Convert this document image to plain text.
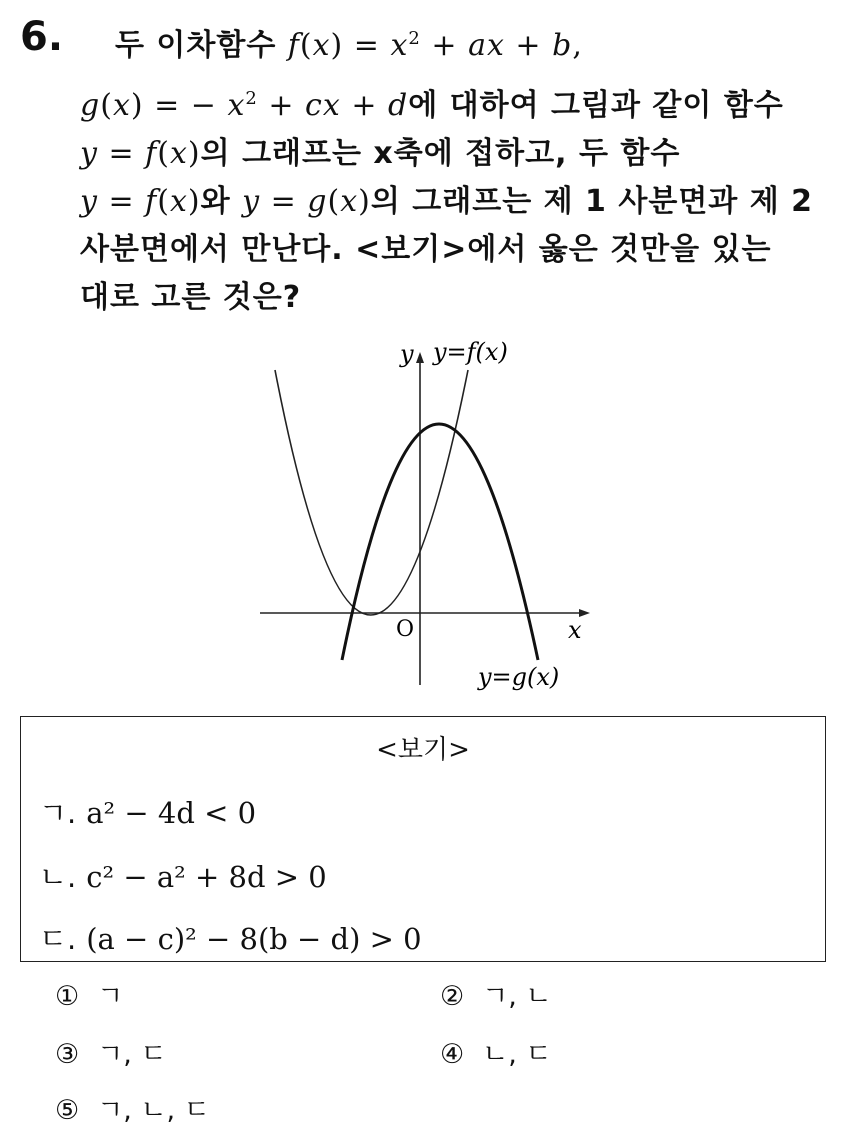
6. 두 이차함수 $f(x) = x^2$ + ax + b,
g(x) = − $x^2$ + cx + d에 대하여 그림과 같이 함수
y = f(x)의 그래프는 x축에 접하고, 두 함수
y = f(x)와 y = g(x)의 그래프는 제 1 사분면과 제 2
사분면에서 만난다. <보기>에서 옳은 것만을 있는
대로 고른 것은?
y y=f(x)
x
O
y=g(x)
<보기>
ㄱ. a² − 4d < 0
ㄴ. c² − a² + 8d > 0
ㄷ. (a − c)² − 8(b − d) > 0
① ㄱ	② ㄱ, ㄴ
③ ㄱ, ㄷ	④ ㄴ, ㄷ
⑤ ㄱ, ㄴ, ㄷ
